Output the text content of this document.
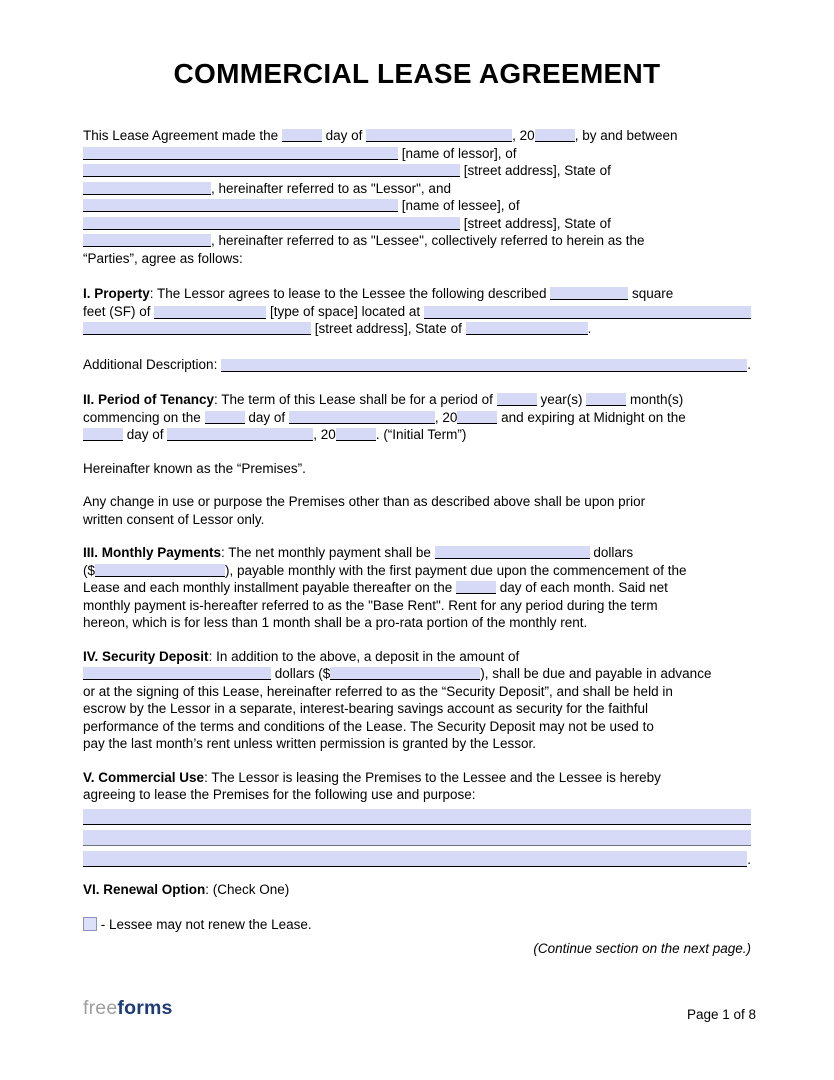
COMMERCIAL LEASE AGREEMENT
This Lease Agreement made the	day of	, 20	, by and between
[name of lessor], of
[street address], State of
, hereinafter referred to as "Lessor", and
[name of lessee], of
[street address], State of
, hereinafter referred to as "Lessee", collectively referred to herein as the
“Parties”, agree as follows:
I. Property: The Lessor agrees to lease to the Lessee the following described	square
feet (SF) of	[type of space] located at
[street address], State of	.
Additional Description:	.
II. Period of Tenancy: The term of this Lease shall be for a period of	year(s)	month(s)
commencing on the	day of	, 20	and expiring at Midnight on the
day of	, 20	. (“Initial Term”)
Hereinafter known as the “Premises”.
Any change in use or purpose the Premises other than as described above shall be upon prior
written consent of Lessor only.
III. Monthly Payments: The net monthly payment shall be	dollars
($	), payable monthly with the first payment due upon the commencement of the
Lease and each monthly installment payable thereafter on the	day of each month. Said net
monthly payment is-hereafter referred to as the "Base Rent". Rent for any period during the term
hereon, which is for less than 1 month shall be a pro-rata portion of the monthly rent.
IV. Security Deposit: In addition to the above, a deposit in the amount of
dollars ($	), shall be due and payable in advance
or at the signing of this Lease, hereinafter referred to as the “Security Deposit”, and shall be held in
escrow by the Lessor in a separate, interest-bearing savings account as security for the faithful
performance of the terms and conditions of the Lease. The Security Deposit may not be used to
pay the last month’s rent unless written permission is granted by the Lessor.
V. Commercial Use: The Lessor is leasing the Premises to the Lessee and the Lessee is hereby
agreeing to lease the Premises for the following use and purpose:
.
VI. Renewal Option: (Check One)
- Lessee may not renew the Lease.
(Continue section on the next page.)
freeforms	Page 1 of 8
